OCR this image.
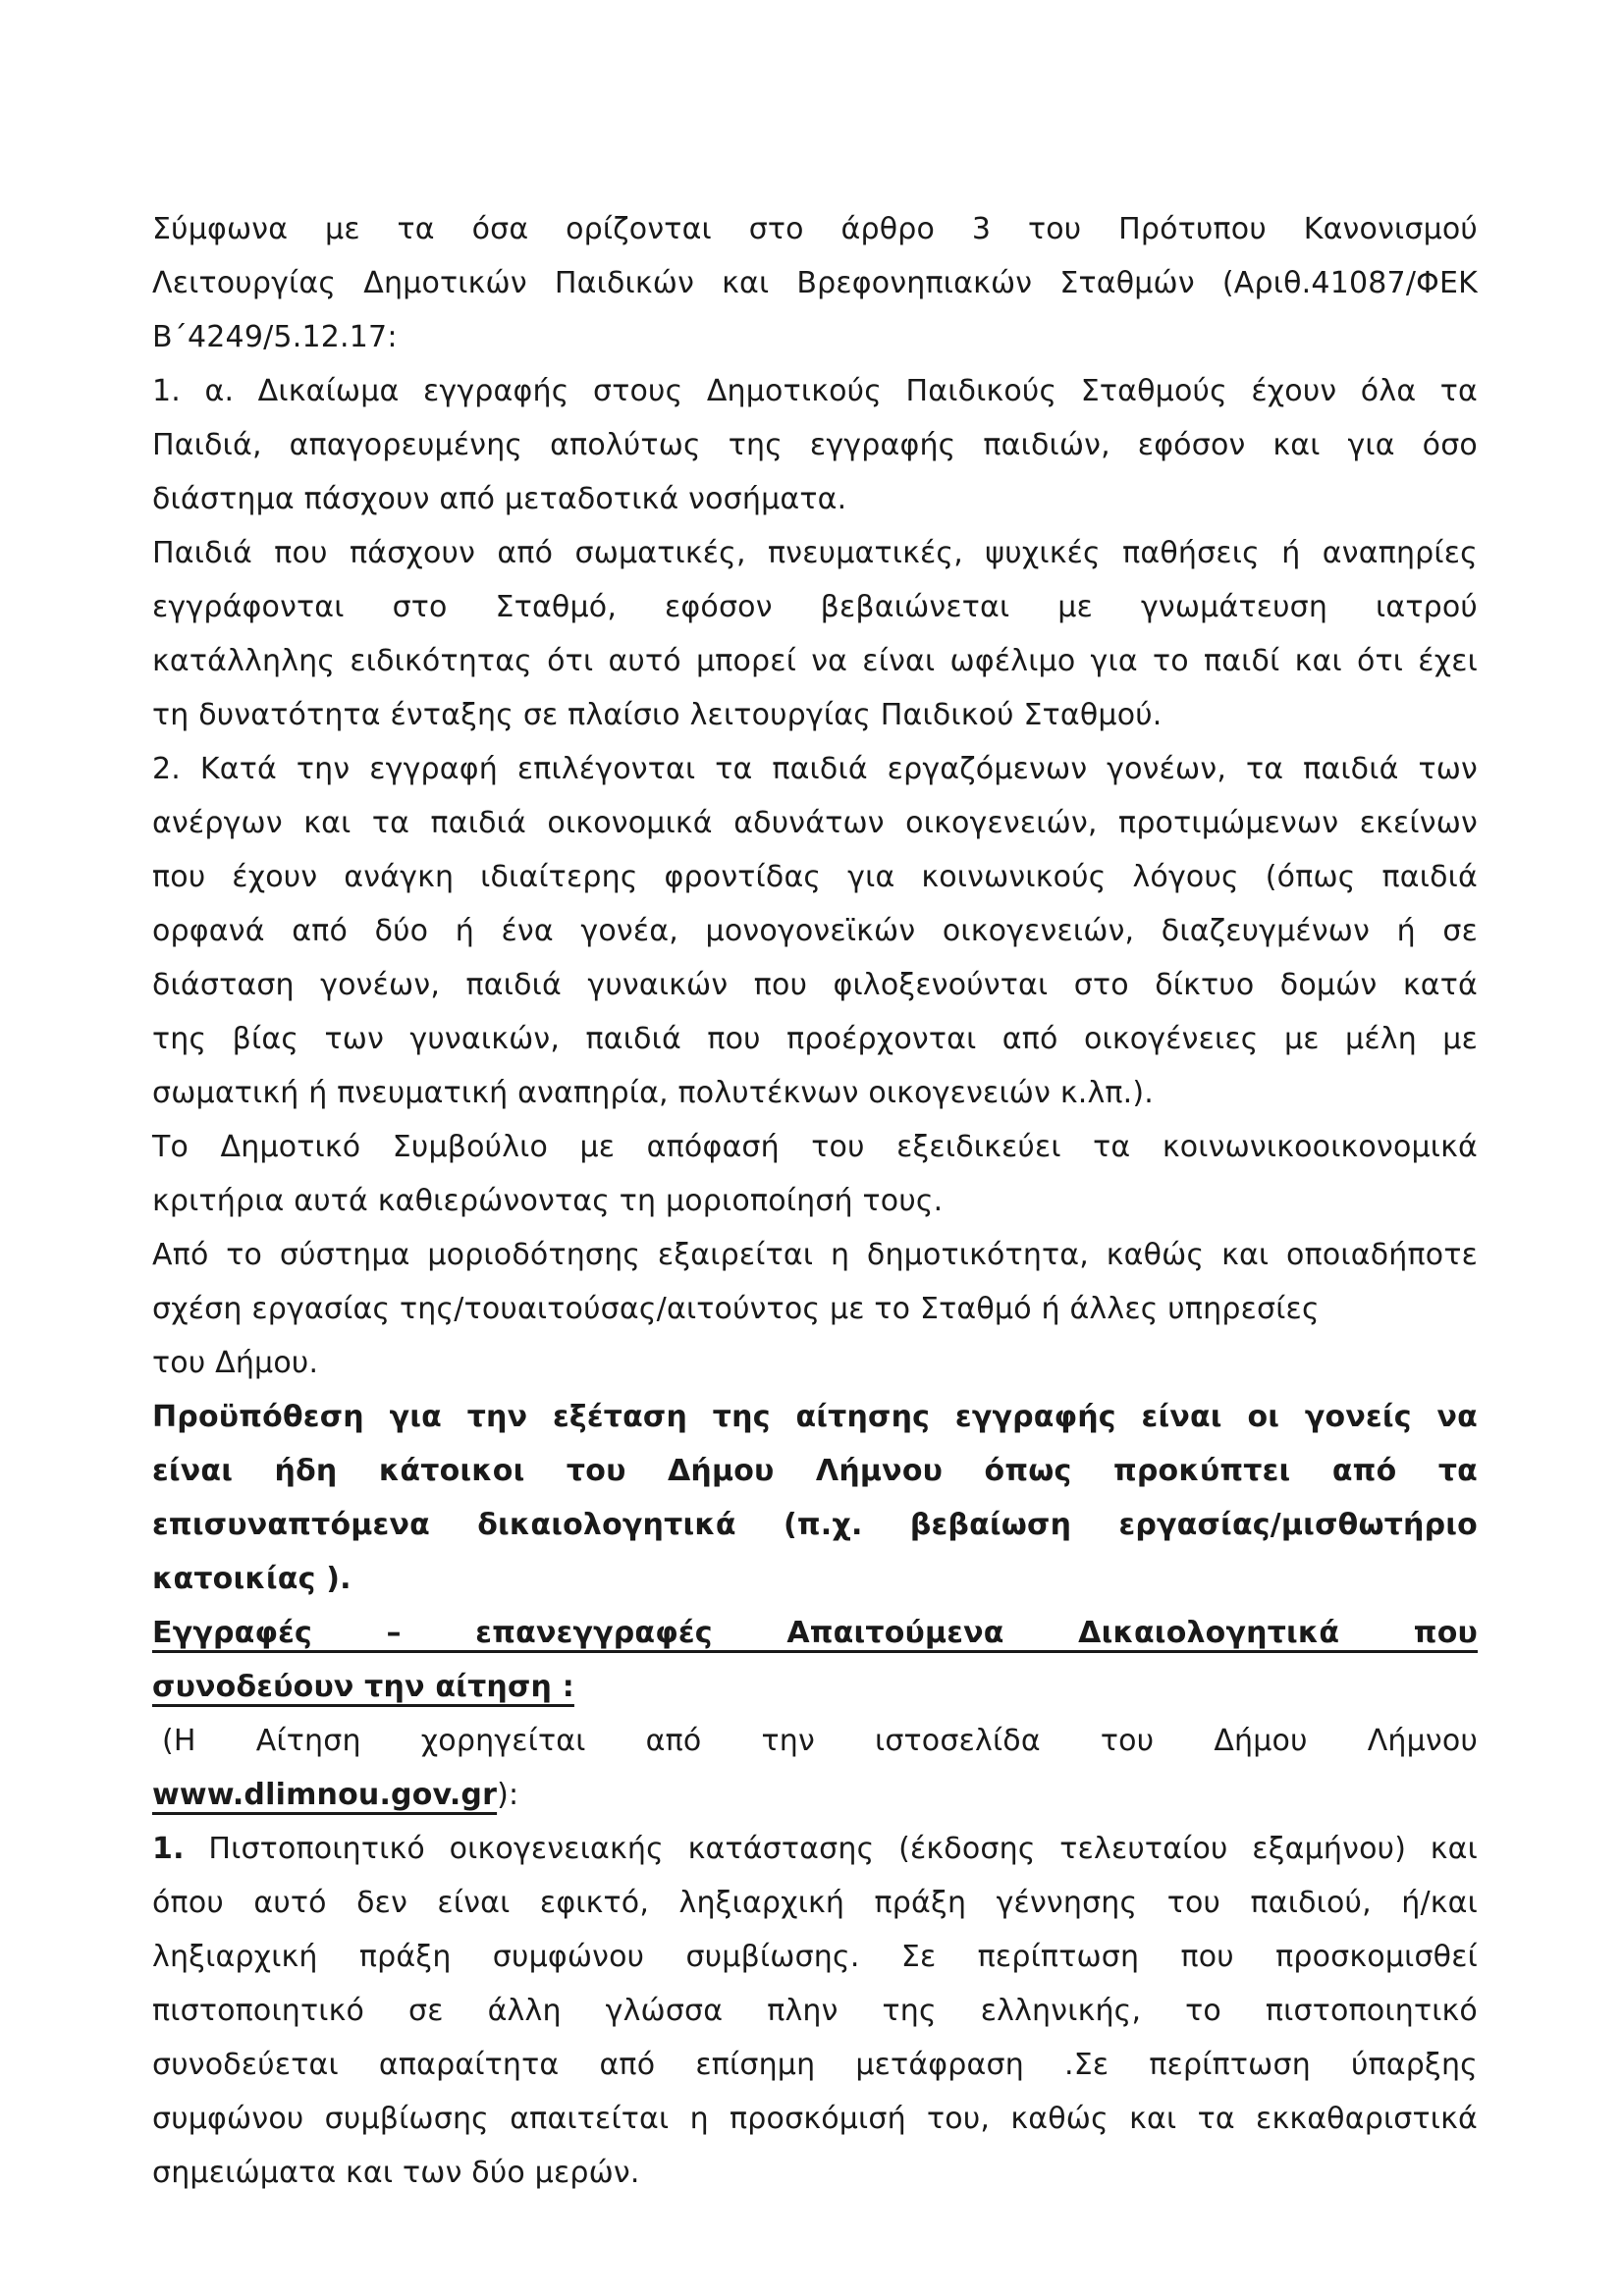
Σύμφωνα με τα όσα ορίζονται στο άρθρο 3 του Πρότυπου Κανονισμού
Λειτουργίας Δημοτικών Παιδικών και Βρεφονηπιακών Σταθμών (Αριθ.41087/ΦΕΚ
Β΄4249/5.12.17:
1. α. Δικαίωμα εγγραφής στους Δημοτικούς Παιδικούς Σταθμούς έχουν όλα τα
Παιδιά, απαγορευμένης απολύτως της εγγραφής παιδιών, εφόσον και για όσο
διάστημα πάσχουν από μεταδοτικά νοσήματα.
Παιδιά που πάσχουν από σωματικές, πνευματικές, ψυχικές παθήσεις ή αναπηρίες
εγγράφονται στο Σταθμό, εφόσον βεβαιώνεται με γνωμάτευση ιατρού
κατάλληλης ειδικότητας ότι αυτό μπορεί να είναι ωφέλιμο για το παιδί και ότι έχει
τη δυνατότητα ένταξης σε πλαίσιο λειτουργίας Παιδικού Σταθμού.
2. Κατά την εγγραφή επιλέγονται τα παιδιά εργαζόμενων γονέων, τα παιδιά των
ανέργων και τα παιδιά οικονομικά αδυνάτων οικογενειών, προτιμώμενων εκείνων
που έχουν ανάγκη ιδιαίτερης φροντίδας για κοινωνικούς λόγους (όπως παιδιά
ορφανά από δύο ή ένα γονέα, μονογονεϊκών οικογενειών, διαζευγμένων ή σε
διάσταση γονέων, παιδιά γυναικών που φιλοξενούνται στο δίκτυο δομών κατά
της βίας των γυναικών, παιδιά που προέρχονται από οικογένειες με μέλη με
σωματική ή πνευματική αναπηρία, πολυτέκνων οικογενειών κ.λπ.).
Το Δημοτικό Συμβούλιο με απόφασή του εξειδικεύει τα κοινωνικοοικονομικά
κριτήρια αυτά καθιερώνοντας τη μοριοποίησή τους.
Από το σύστημα μοριοδότησης εξαιρείται η δημοτικότητα, καθώς και οποιαδήποτε
σχέση εργασίας της/τουαιτούσας/αιτούντος με το Σταθμό ή άλλες υπηρεσίες
του Δήμου.
Προϋπόθεση για την εξέταση της αίτησης εγγραφής είναι οι γονείς να
είναι ήδη κάτοικοι του Δήμου Λήμνου όπως προκύπτει από τα
επισυναπτόμενα δικαιολογητικά (π.χ. βεβαίωση εργασίας/μισθωτήριο
κατοικίας ).
Εγγραφές – επανεγγραφές Απαιτούμενα Δικαιολογητικά που
συνοδεύουν την αίτηση :
(Η Αίτηση χορηγείται από την ιστοσελίδα του Δήμου Λήμνου
www.dlimnou.gov.gr):
1. Πιστοποιητικό οικογενειακής κατάστασης (έκδοσης τελευταίου εξαμήνου) και
όπου αυτό δεν είναι εφικτό, ληξιαρχική πράξη γέννησης του παιδιού, ή/και
ληξιαρχική πράξη συμφώνου συμβίωσης. Σε περίπτωση που προσκομισθεί
πιστοποιητικό σε άλλη γλώσσα πλην της ελληνικής, το πιστοποιητικό
συνοδεύεται απαραίτητα από επίσημη μετάφραση .Σε περίπτωση ύπαρξης
συμφώνου συμβίωσης απαιτείται η προσκόμισή του, καθώς και τα εκκαθαριστικά
σημειώματα και των δύο μερών.
